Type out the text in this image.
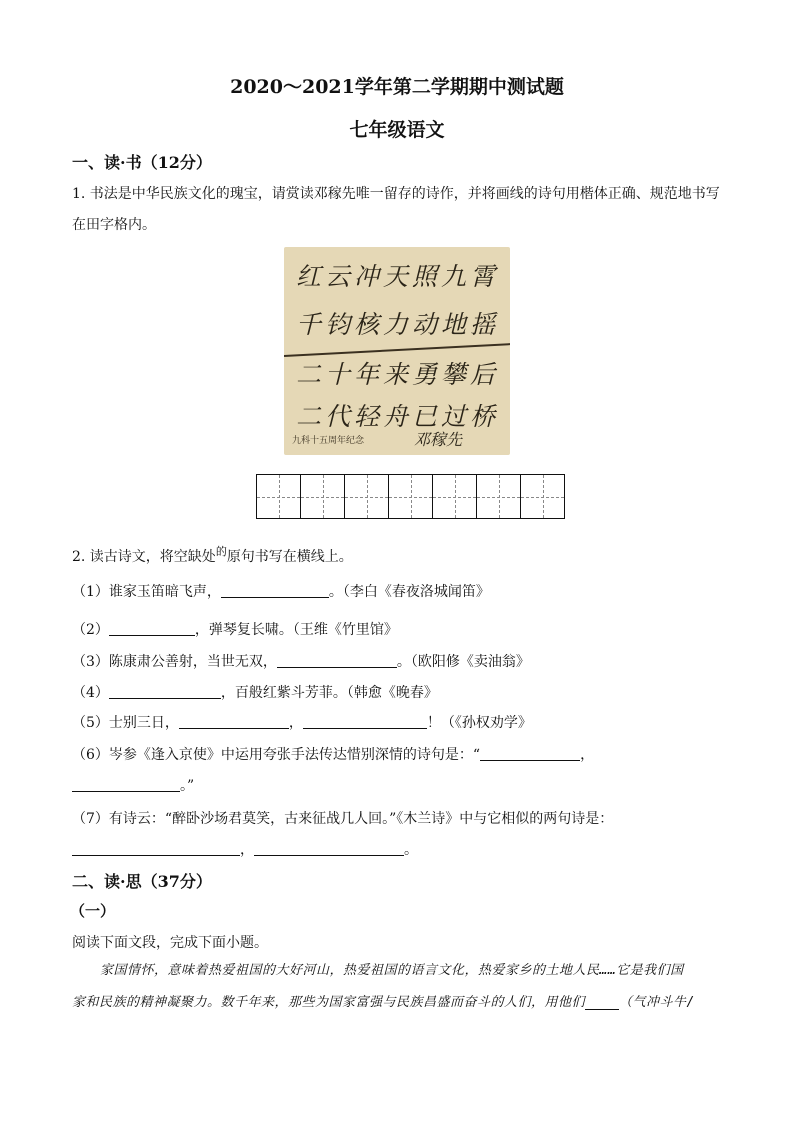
2020～2021学年第二学期期中测试题
七年级语文
一、读·书（12分）
1. 书法是中华民族文化的瑰宝，请赏读邓稼先唯一留存的诗作，并将画线的诗句用楷体正确、规范地书写
在田字格内。
红云冲天照九霄
千钧核力动地摇
二十年来勇攀后
二代轻舟已过桥
九科十五周年纪念	邓稼先
2. 读古诗文，将空缺处$^的$原句书写在横线上。
（1）谁家玉笛暗飞声，	。（李白《春夜洛城闻笛》
（2）	，弹琴复长啸。（王维《竹里馆》
（3）陈康肃公善射，当世无双，	。（欧阳修《卖油翁》
（4）	，百般红紫斗芳菲。（韩愈《晚春》
（5）士别三日，	，	！（《孙权劝学》
（6）岑参《逢入京使》中运用夸张手法传达惜别深情的诗句是：“	，
。”
（7）有诗云：“醉卧沙场君莫笑，古来征战几人回。”《木兰诗》中与它相似的两句诗是：
，	。
二、读·思（37分）
（一）
阅读下面文段，完成下面小题。
家国情怀，意味着热爱祖国的大好河山，热爱祖国的语言文化，热爱家乡的土地人民……它是我们国
家和民族的精神凝聚力。数千年来，那些为国家富强与民族昌盛而奋斗的人们，用他们	（气冲斗牛/
